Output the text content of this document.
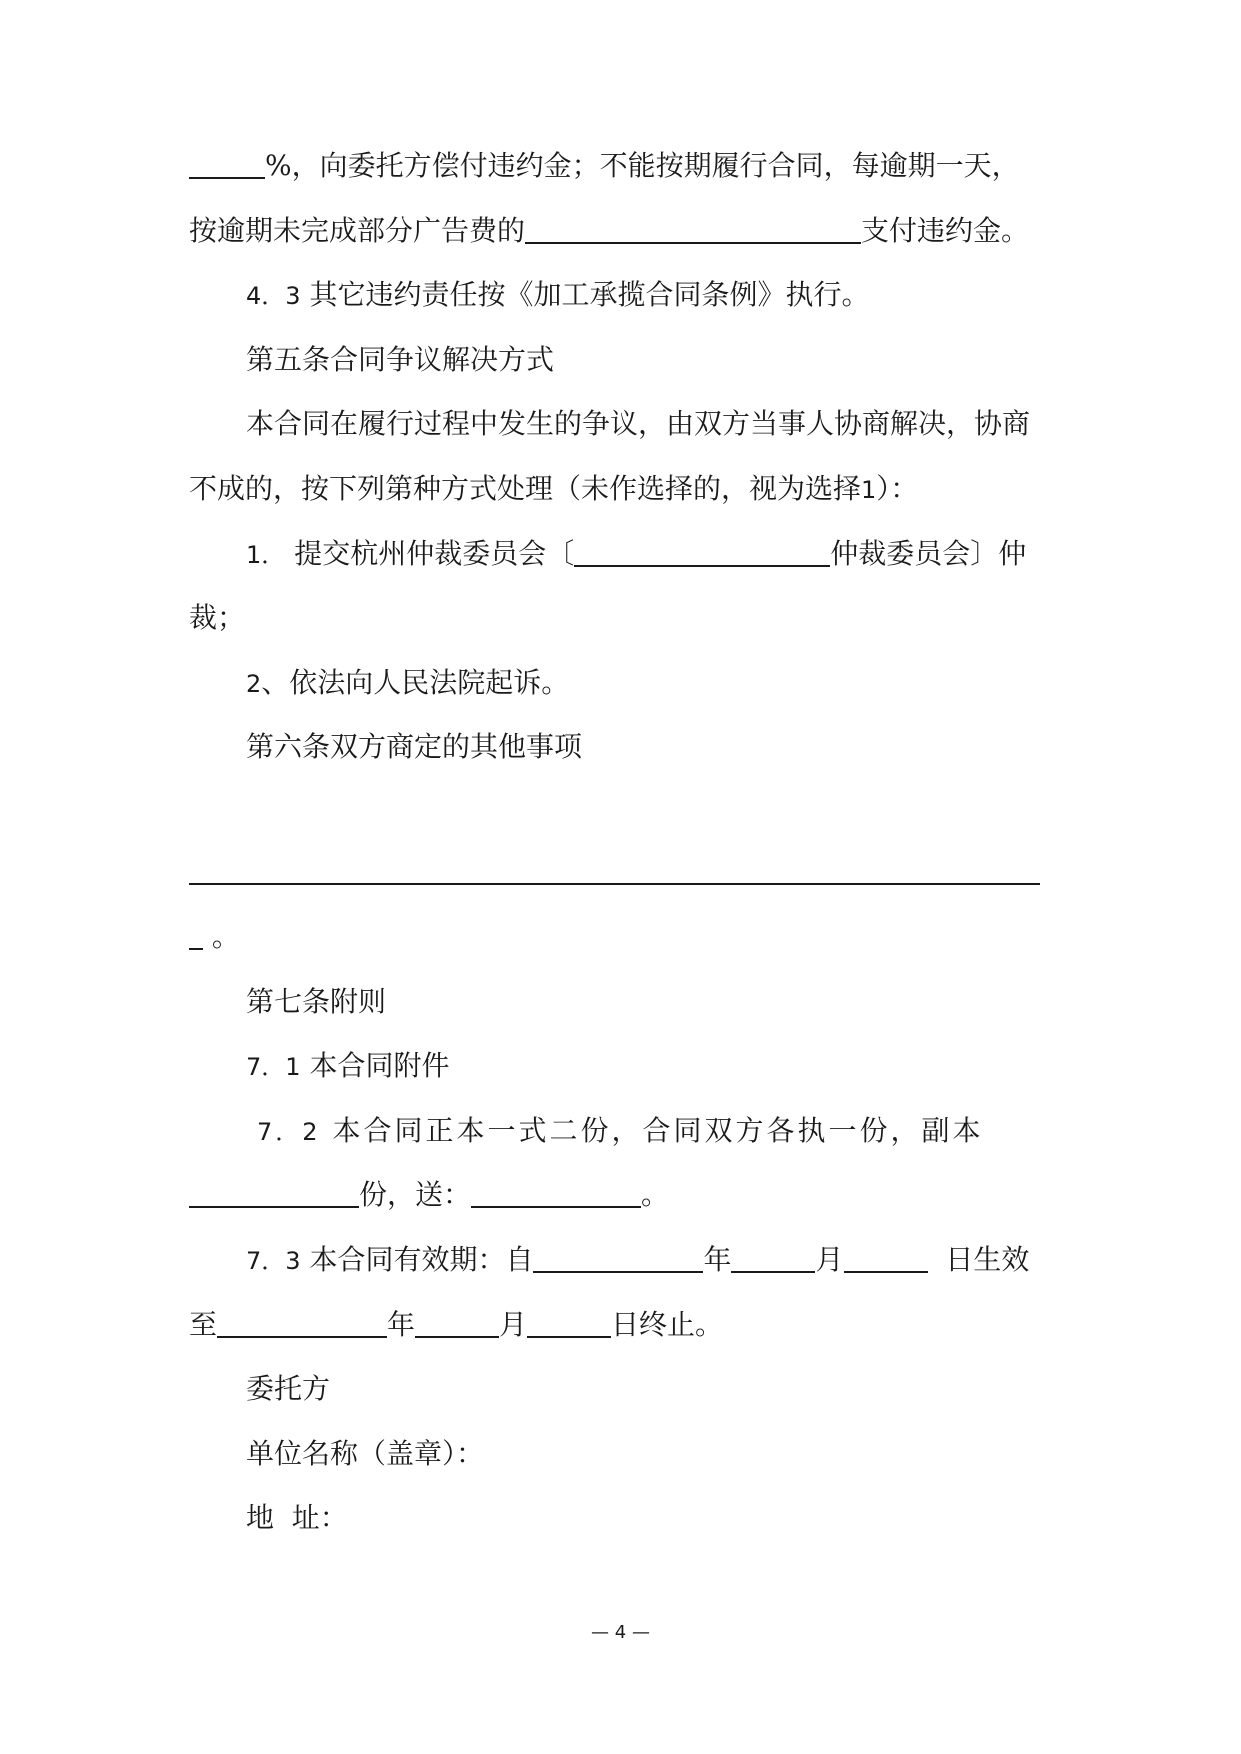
%，向委托方偿付违约金；不能按期履行合同，每逾期一天，
按逾期未完成部分广告费的	支付违约金。
4．3 其它违约责任按《加工承揽合同条例》执行。
第五条合同争议解决方式
本合同在履行过程中发生的争议，由双方当事人协商解决，协商
不成的，按下列第种方式处理（未作选择的，视为选择1）：
1． 提交杭州仲裁委员会〔	仲裁委员会〕仲
裁；
2、依法向人民法院起诉。
第六条双方商定的其他事项
。
第七条附则
7．1 本合同附件
7．2 本合同正本一式二份，合同双方各执一份，副本
份，送：	。
7．3 本合同有效期：自	年	月	日生效
至	年	月	日终止。
委托方
单位名称（盖章）：
地  址：
— 4 —
